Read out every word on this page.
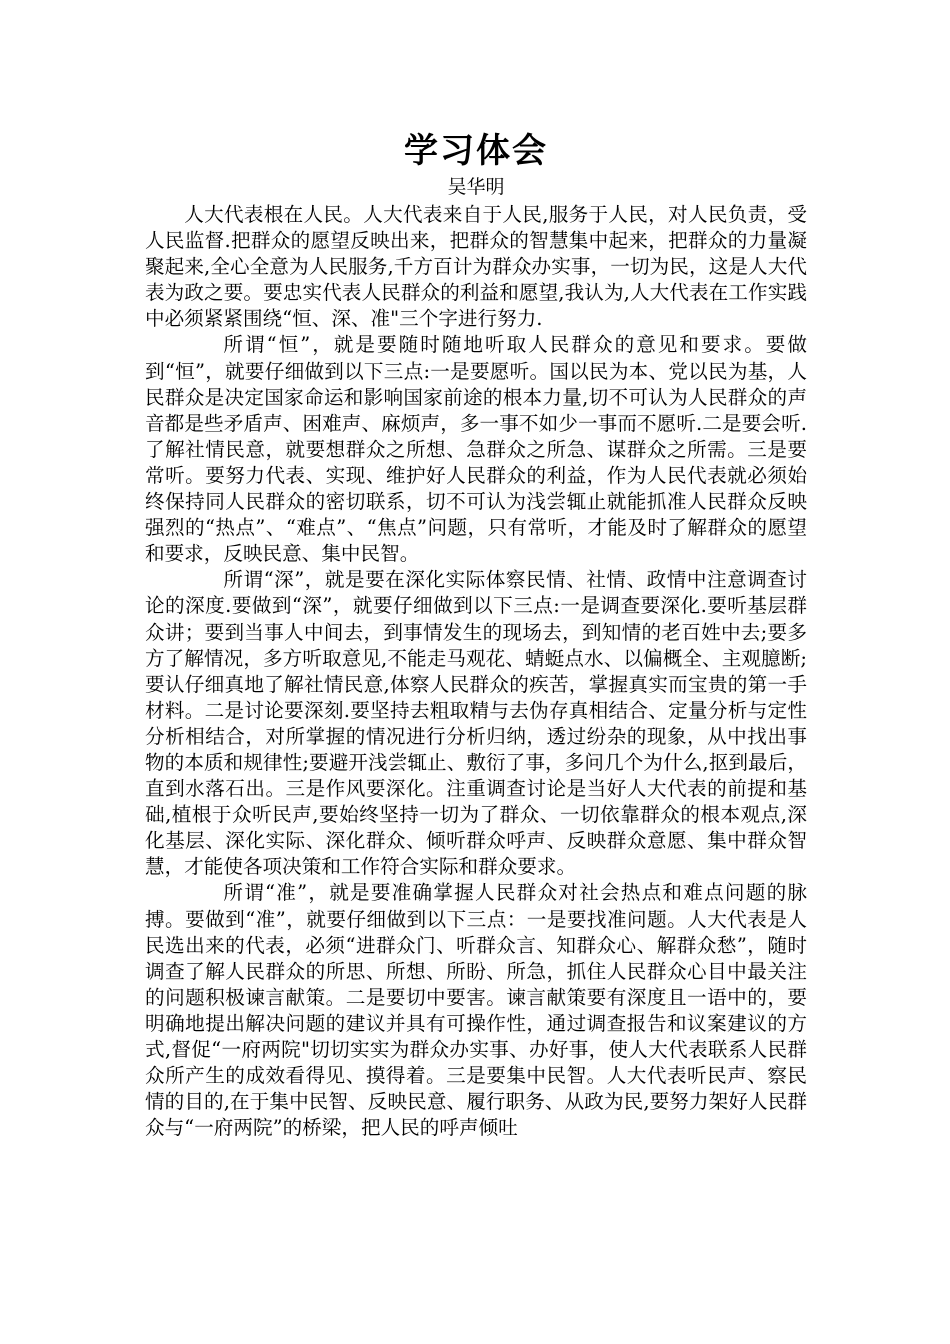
学习体会

吴华明

人大代表根在人民。人大代表来自于人民,服务于人民，对人民负责，受人民监督.把群众的愿望反映出来，把群众的智慧集中起来，把群众的力量凝聚起来,全心全意为人民服务,千方百计为群众办实事，一切为民，这是人大代表为政之要。要忠实代表人民群众的利益和愿望,我认为,人大代表在工作实践中必须紧紧围绕“恒、深、准"三个字进行努力.

所谓“恒”，就是要随时随地听取人民群众的意见和要求。要做到“恒”，就要仔细做到以下三点:一是要愿听。国以民为本、党以民为基，人民群众是决定国家命运和影响国家前途的根本力量,切不可认为人民群众的声音都是些矛盾声、困难声、麻烦声，多一事不如少一事而不愿听.二是要会听.了解社情民意，就要想群众之所想、急群众之所急、谋群众之所需。三是要常听。要努力代表、实现、维护好人民群众的利益，作为人民代表就必须始终保持同人民群众的密切联系，切不可认为浅尝辄止就能抓准人民群众反映强烈的“热点”、“难点”、“焦点”问题，只有常听，才能及时了解群众的愿望和要求，反映民意、集中民智。

所谓“深”，就是要在深化实际体察民情、社情、政情中注意调查讨论的深度.要做到“深”，就要仔细做到以下三点:一是调查要深化.要听基层群众讲；要到当事人中间去，到事情发生的现场去，到知情的老百姓中去;要多方了解情况，多方听取意见,不能走马观花、蜻蜓点水、以偏概全、主观臆断;要认仔细真地了解社情民意,体察人民群众的疾苦，掌握真实而宝贵的第一手材料。二是讨论要深刻.要坚持去粗取精与去伪存真相结合、定量分析与定性分析相结合，对所掌握的情况进行分析归纳，透过纷杂的现象，从中找出事物的本质和规律性;要避开浅尝辄止、敷衍了事，多问几个为什么,抠到最后，直到水落石出。三是作风要深化。注重调查讨论是当好人大代表的前提和基础,植根于众听民声,要始终坚持一切为了群众、一切依靠群众的根本观点,深化基层、深化实际、深化群众、倾听群众呼声、反映群众意愿、集中群众智慧，才能使各项决策和工作符合实际和群众要求。

所谓“准”，就是要准确掌握人民群众对社会热点和难点问题的脉搏。要做到“准”，就要仔细做到以下三点：一是要找准问题。人大代表是人民选出来的代表，必须“进群众门、听群众言、知群众心、解群众愁”，随时调查了解人民群众的所思、所想、所盼、所急，抓住人民群众心目中最关注的问题积极谏言献策。二是要切中要害。谏言献策要有深度且一语中的，要明确地提出解决问题的建议并具有可操作性，通过调查报告和议案建议的方式,督促“一府两院"切切实实为群众办实事、办好事，使人大代表联系人民群众所产生的成效看得见、摸得着。三是要集中民智。人大代表听民声、察民情的目的,在于集中民智、反映民意、履行职务、从政为民,要努力架好人民群众与“一府两院”的桥梁，把人民的呼声倾吐
